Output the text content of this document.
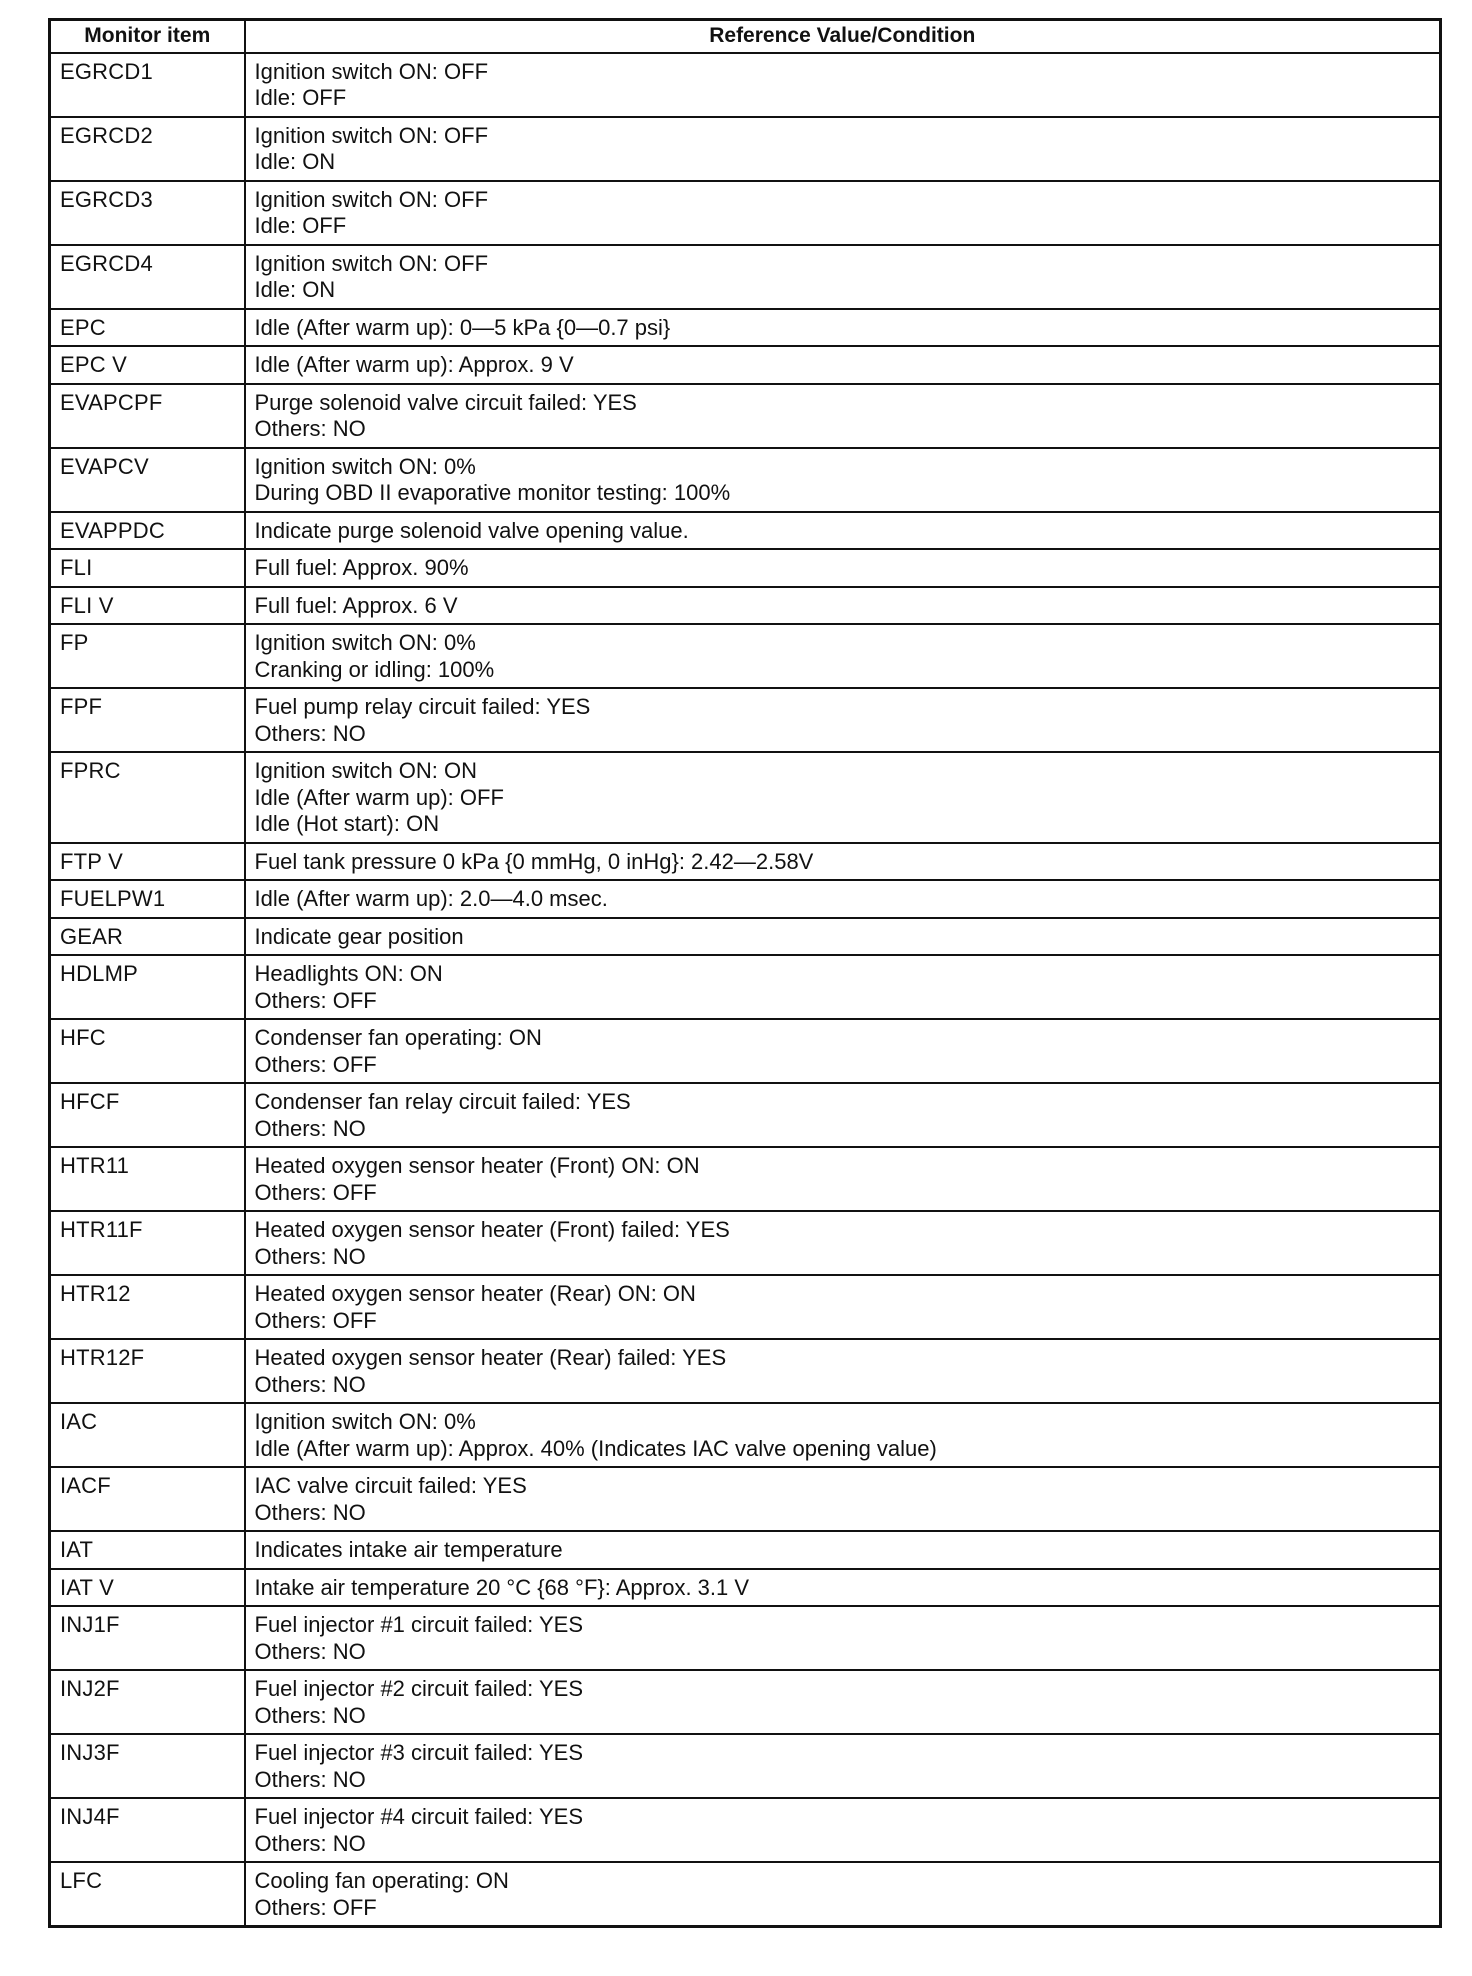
Monitor item	Reference Value/Condition
EGRCD1	Ignition switch ON: OFF
Idle: OFF

EGRCD2	Ignition switch ON: OFF
Idle: ON

EGRCD3	Ignition switch ON: OFF
Idle: OFF

EGRCD4	Ignition switch ON: OFF
Idle: ON

EPC	Idle (After warm up): 0—5 kPa {0—0.7 psi}

EPC V	Idle (After warm up): Approx. 9 V

EVAPCPF	Purge solenoid valve circuit failed: YES
Others: NO

EVAPCV	Ignition switch ON: 0%
During OBD II evaporative monitor testing: 100%

EVAPPDC	Indicate purge solenoid valve opening value.

FLI	Full fuel: Approx. 90%

FLI V	Full fuel: Approx. 6 V

FP	Ignition switch ON: 0%
Cranking or idling: 100%

FPF	Fuel pump relay circuit failed: YES
Others: NO

FPRC	Ignition switch ON: ON
Idle (After warm up): OFF
Idle (Hot start): ON

FTP V	Fuel tank pressure 0 kPa {0 mmHg, 0 inHg}: 2.42—2.58V

FUELPW1	Idle (After warm up): 2.0—4.0 msec.

GEAR	Indicate gear position

HDLMP	Headlights ON: ON
Others: OFF

HFC	Condenser fan operating: ON
Others: OFF

HFCF	Condenser fan relay circuit failed: YES
Others: NO

HTR11	Heated oxygen sensor heater (Front) ON: ON
Others: OFF

HTR11F	Heated oxygen sensor heater (Front) failed: YES
Others: NO

HTR12	Heated oxygen sensor heater (Rear) ON: ON
Others: OFF

HTR12F	Heated oxygen sensor heater (Rear) failed: YES
Others: NO

IAC	Ignition switch ON: 0%
Idle (After warm up): Approx. 40% (Indicates IAC valve opening value)

IACF	IAC valve circuit failed: YES
Others: NO

IAT	Indicates intake air temperature

IAT V	Intake air temperature 20 °C {68 °F}: Approx. 3.1 V

INJ1F	Fuel injector #1 circuit failed: YES
Others: NO

INJ2F	Fuel injector #2 circuit failed: YES
Others: NO

INJ3F	Fuel injector #3 circuit failed: YES
Others: NO

INJ4F	Fuel injector #4 circuit failed: YES
Others: NO

LFC	Cooling fan operating: ON
Others: OFF
